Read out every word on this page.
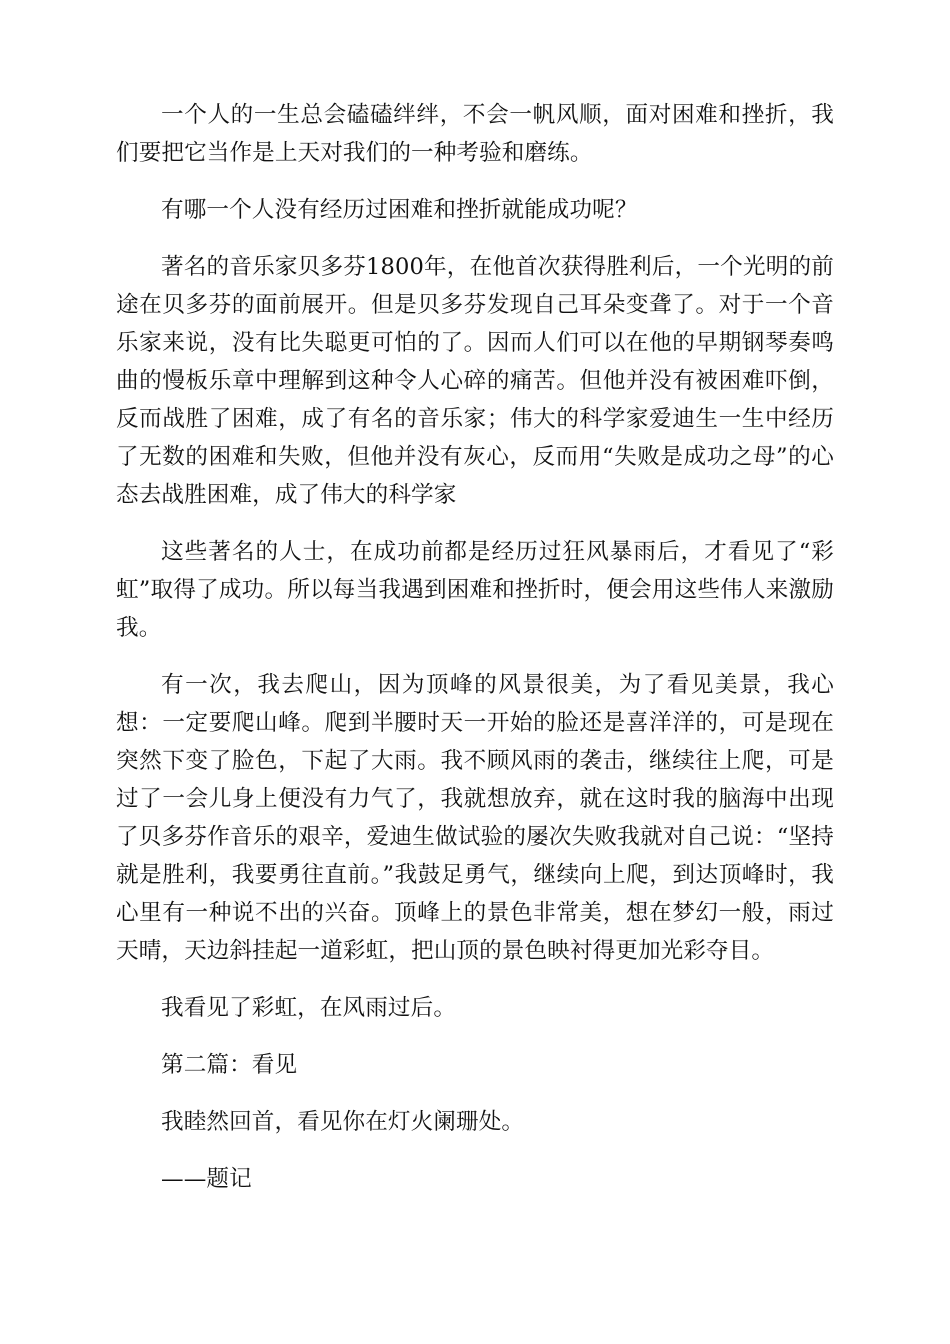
一个人的一生总会磕磕绊绊，不会一帆风顺，面对困难和挫折，我们要把它当作是上天对我们的一种考验和磨练。

有哪一个人没有经历过困难和挫折就能成功呢？

著名的音乐家贝多芬1800年，在他首次获得胜利后，一个光明的前途在贝多芬的面前展开。但是贝多芬发现自己耳朵变聋了。对于一个音乐家来说，没有比失聪更可怕的了。因而人们可以在他的早期钢琴奏鸣曲的慢板乐章中理解到这种令人心碎的痛苦。但他并没有被困难吓倒，反而战胜了困难，成了有名的音乐家；伟大的科学家爱迪生一生中经历了无数的困难和失败，但他并没有灰心，反而用“失败是成功之母”的心态去战胜困难，成了伟大的科学家

这些著名的人士，在成功前都是经历过狂风暴雨后，才看见了“彩虹”取得了成功。所以每当我遇到困难和挫折时，便会用这些伟人来激励我。

有一次，我去爬山，因为顶峰的风景很美，为了看见美景，我心想：一定要爬山峰。爬到半腰时天一开始的脸还是喜洋洋的，可是现在突然下变了脸色，下起了大雨。我不顾风雨的袭击，继续往上爬，可是过了一会儿身上便没有力气了，我就想放弃，就在这时我的脑海中出现了贝多芬作音乐的艰辛，爱迪生做试验的屡次失败我就对自己说：“坚持就是胜利，我要勇往直前。”我鼓足勇气，继续向上爬，到达顶峰时，我心里有一种说不出的兴奋。顶峰上的景色非常美，想在梦幻一般，雨过天晴，天边斜挂起一道彩虹，把山顶的景色映衬得更加光彩夺目。

我看见了彩虹，在风雨过后。

第二篇：看见

我睦然回首，看见你在灯火阑珊处。

——题记
